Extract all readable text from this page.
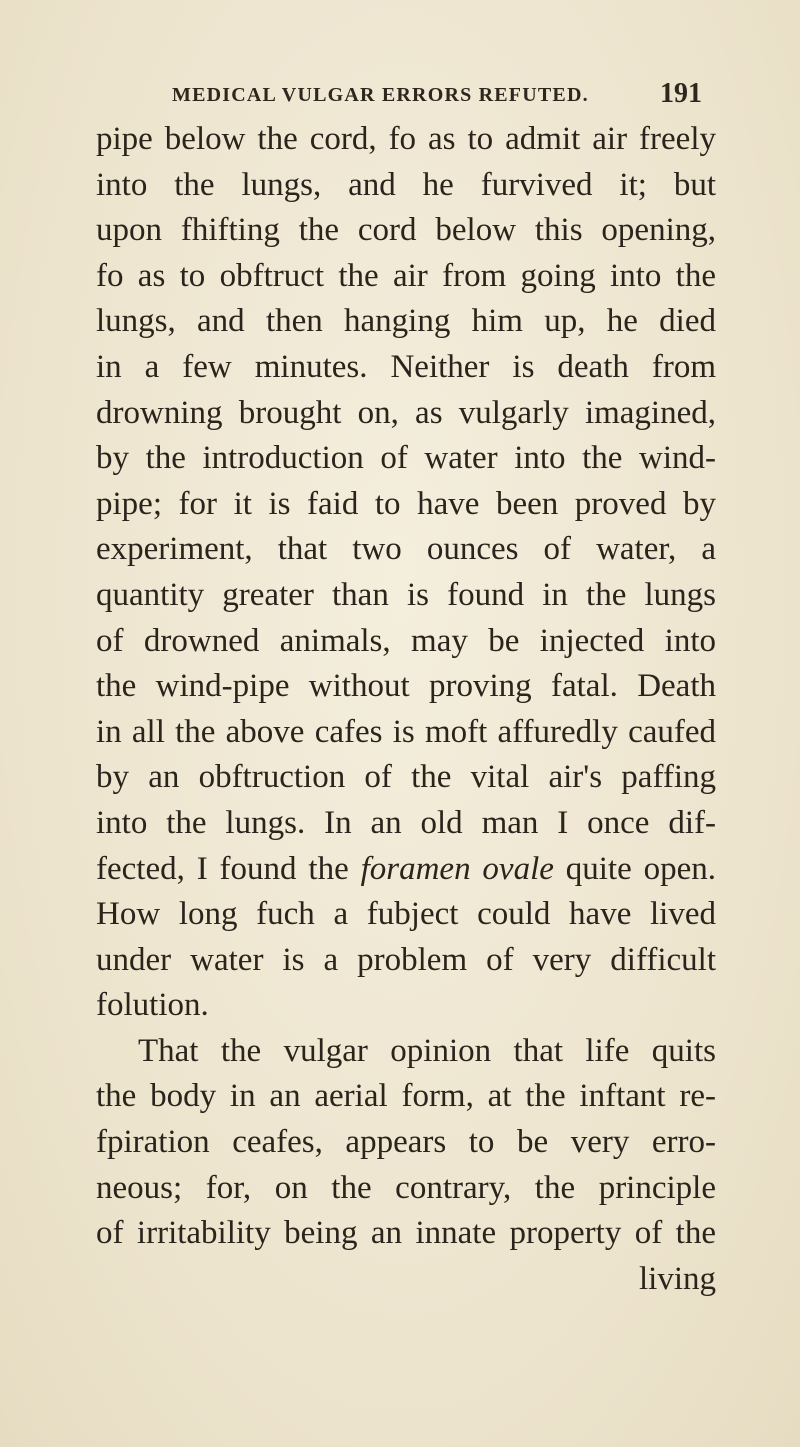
MEDICAL VULGAR ERRORS REFUTED.	191
pipe below the cord, fo as to admit air freely
into the lungs, and he furvived it; but
upon fhifting the cord below this opening,
fo as to obftruct the air from going into the
lungs, and then hanging him up, he died
in a few minutes. Neither is death from
drowning brought on, as vulgarly imagined,
by the introduction of water into the wind-
pipe; for it is faid to have been proved by
experiment, that two ounces of water, a
quantity greater than is found in the lungs
of drowned animals, may be injected into
the wind-pipe without proving fatal. Death
in all the above cafes is moft affuredly caufed
by an obftruction of the vital air's paffing
into the lungs. In an old man I once dif-
fected, I found the foramen ovale quite open.
How long fuch a fubject could have lived
under water is a problem of very difficult
folution.
That the vulgar opinion that life quits
the body in an aerial form, at the inftant re-
fpiration ceafes, appears to be very erro-
neous; for, on the contrary, the principle
of irritability being an innate property of the
living
